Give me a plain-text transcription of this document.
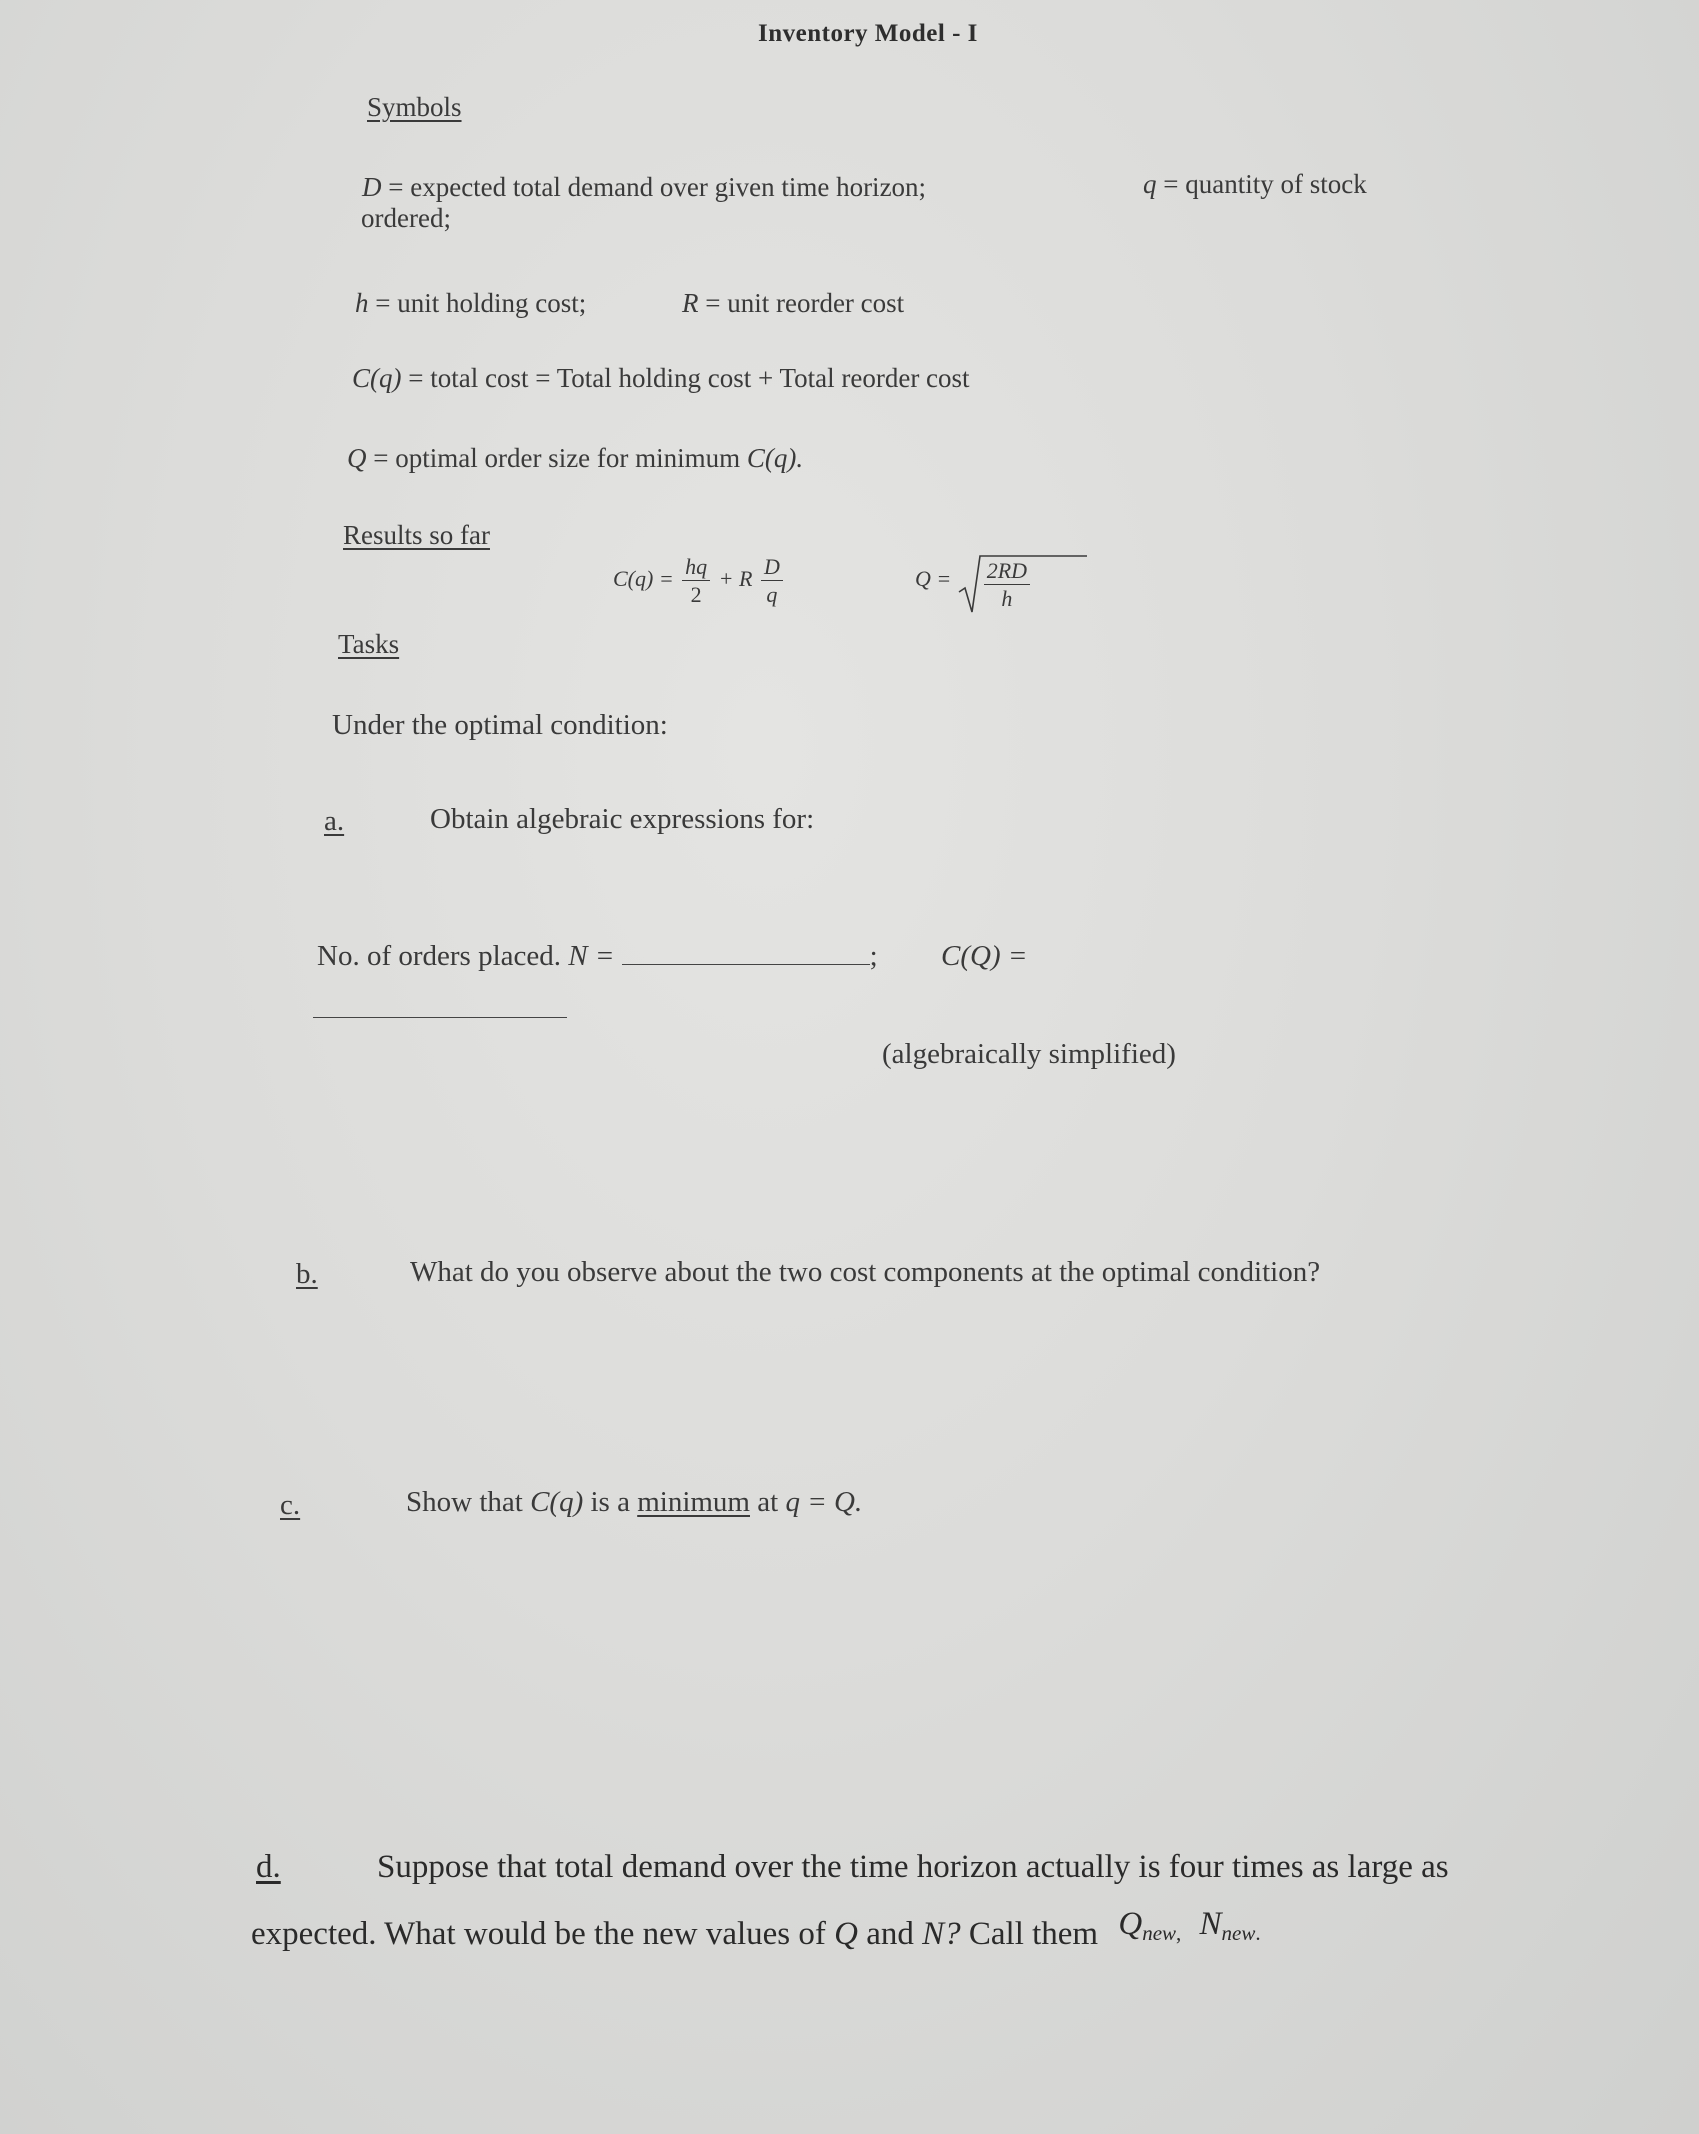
Inventory Model - I
Symbols
D = expected total demand over given time horizon;	q = quantity of stock
ordered;
h = unit holding cost;	R = unit reorder cost
C(q) = total cost = Total holding cost + Total reorder cost
Q = optimal order size for minimum C(q).
Results so far
$C(q) = \frac{hq}{2} + R \frac{D}{q}$	$Q = \frac{2RD}{h}$
Tasks
Under the optimal condition:
a.	Obtain algebraic expressions for:
No. of orders placed. N =	; C(Q) =
(algebraically simplified)
b.	What do you observe about the two cost components at the optimal condition?
c.	Show that C(q) is a minimum at q = Q.
d.	Suppose that total demand over the time horizon actually is four times as large as
expected. What would be the new values of Q and N? Call them $Q_{new,}$ $N_{new.}$
